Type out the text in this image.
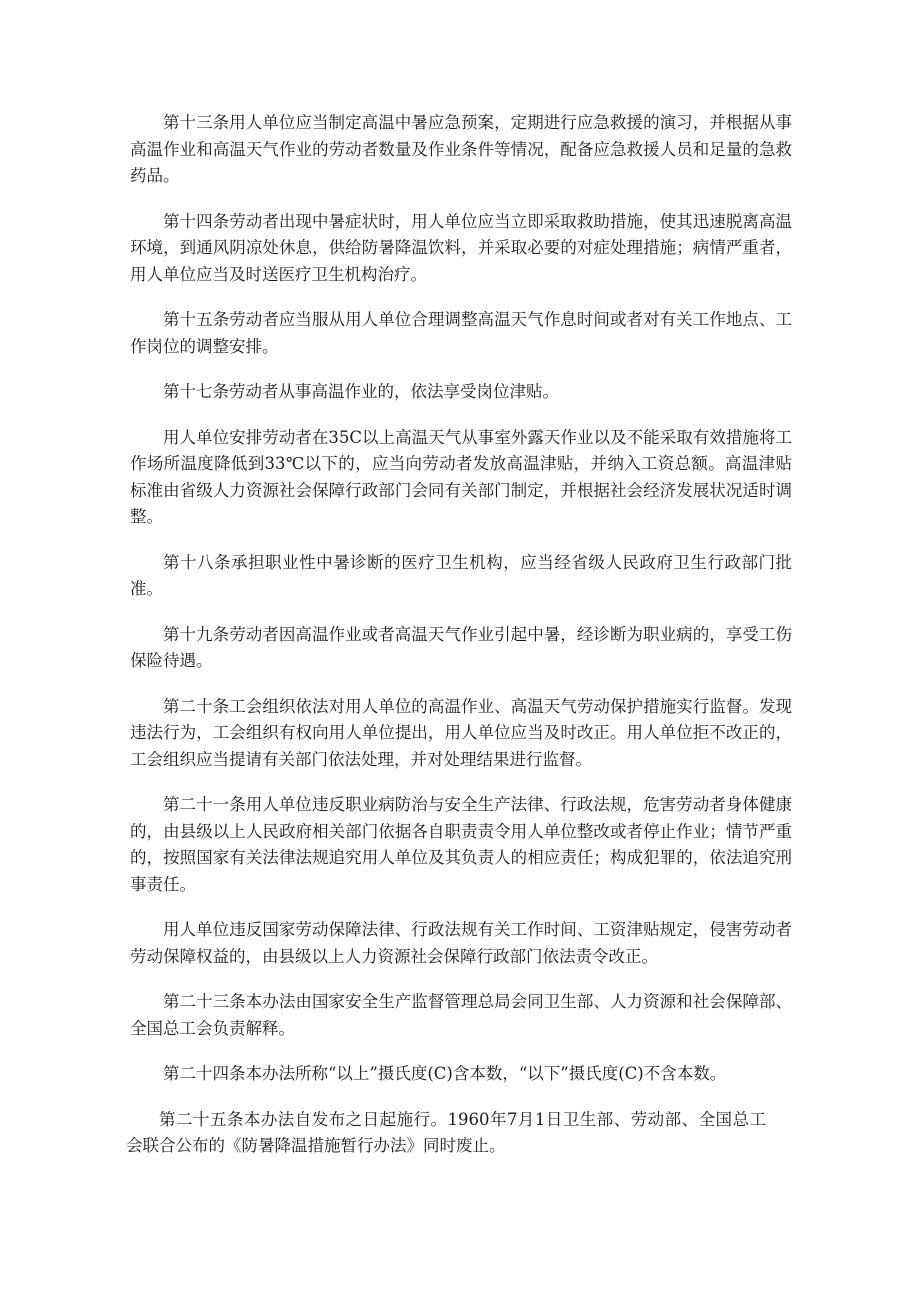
第十三条用人单位应当制定高温中暑应急预案，定期进行应急救援的演习，并根据从事高温作业和高温天气作业的劳动者数量及作业条件等情况，配备应急救援人员和足量的急救药品。

第十四条劳动者出现中暑症状时，用人单位应当立即采取救助措施，使其迅速脱离高温环境，到通风阴凉处休息，供给防暑降温饮料，并采取必要的对症处理措施；病情严重者，用人单位应当及时送医疗卫生机构治疗。

第十五条劳动者应当服从用人单位合理调整高温天气作息时间或者对有关工作地点、工作岗位的调整安排。

第十七条劳动者从事高温作业的，依法享受岗位津贴。

用人单位安排劳动者在35C以上高温天气从事室外露天作业以及不能采取有效措施将工作场所温度降低到33℃以下的，应当向劳动者发放高温津贴，并纳入工资总额。高温津贴标准由省级人力资源社会保障行政部门会同有关部门制定，并根据社会经济发展状况适时调整。

第十八条承担职业性中暑诊断的医疗卫生机构，应当经省级人民政府卫生行政部门批准。

第十九条劳动者因高温作业或者高温天气作业引起中暑，经诊断为职业病的，享受工伤保险待遇。

第二十条工会组织依法对用人单位的高温作业、高温天气劳动保护措施实行监督。发现违法行为，工会组织有权向用人单位提出，用人单位应当及时改正。用人单位拒不改正的，工会组织应当提请有关部门依法处理，并对处理结果进行监督。

第二十一条用人单位违反职业病防治与安全生产法律、行政法规，危害劳动者身体健康的，由县级以上人民政府相关部门依据各自职责责令用人单位整改或者停止作业；情节严重的，按照国家有关法律法规追究用人单位及其负责人的相应责任；构成犯罪的，依法追究刑事责任。

用人单位违反国家劳动保障法律、行政法规有关工作时间、工资津贴规定，侵害劳动者劳动保障权益的，由县级以上人力资源社会保障行政部门依法责令改正。

第二十三条本办法由国家安全生产监督管理总局会同卫生部、人力资源和社会保障部、全国总工会负责解释。

第二十四条本办法所称“以上”摄氏度(C)含本数，“以下”摄氏度(C)不含本数。

第二十五条本办法自发布之日起施行。1960年7月1日卫生部、劳动部、全国总工会联合公布的《防暑降温措施暂行办法》同时废止。
